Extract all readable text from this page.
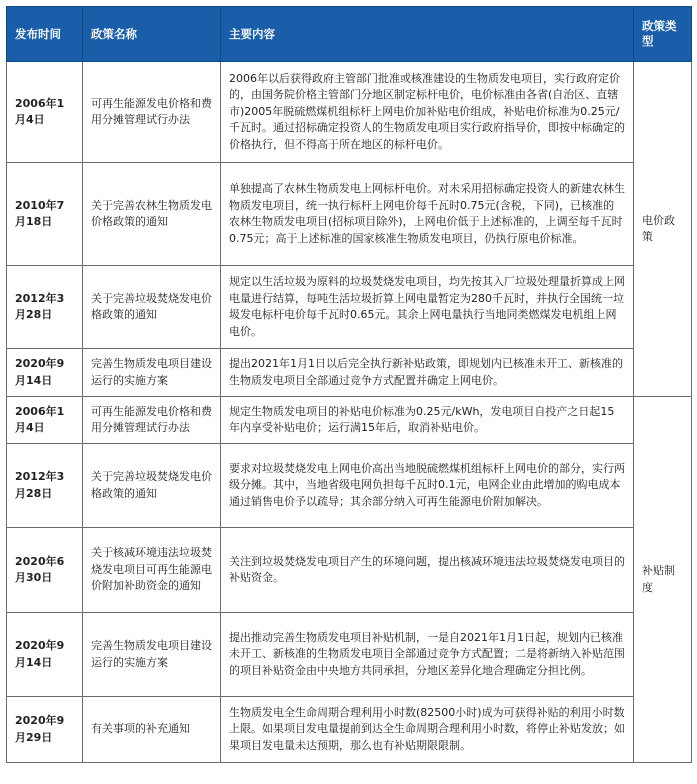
发布时间	政策名称	主要内容	政策类型
2006年1月4日	可再生能源发电价格和费用分摊管理试行办法	2006年以后获得政府主管部门批准或核准建设的生物质发电项目，实行政府定价的，由国务院价格主管部门分地区制定标杆电价，电价标准由各省(自治区、直辖市)2005年脱硫燃煤机组标杆上网电价加补贴电价组成，补贴电价标准为0.25元/千瓦时。通过招标确定投资人的生物质发电项目实行政府指导价，即按中标确定的价格执行，但不得高于所在地区的标杆电价。	电价政策
2010年7月18日	关于完善农林生物质发电价格政策的通知	单独提高了农林生物质发电上网标杆电价。对未采用招标确定投资人的新建农林生物质发电项目，统一执行标杆上网电价每千瓦时0.75元(含税，下同)，已核准的农林生物质发电项目(招标项目除外)，上网电价低于上述标准的，上调至每千瓦时0.75元；高于上述标准的国家核准生物质发电项目，仍执行原电价标准。	
2012年3月28日	关于完善垃圾焚烧发电价格政策的通知	规定以生活垃圾为原料的垃圾焚烧发电项目，均先按其入厂垃圾处理量折算成上网电量进行结算，每吨生活垃圾折算上网电量暂定为280千瓦时，并执行全国统一垃圾发电标杆电价每千瓦时0.65元。其余上网电量执行当地同类燃煤发电机组上网电价。	
2020年9月14日	完善生物质发电项目建设运行的实施方案	提出2021年1月1日以后完全执行新补贴政策，即规划内已核准未开工、新核准的生物质发电项目全部通过竞争方式配置并确定上网电价。	
2006年1月4日	可再生能源发电价格和费用分摊管理试行办法	规定生物质发电项目的补贴电价标准为0.25元/kWh，发电项目自投产之日起15年内享受补贴电价；运行满15年后，取消补贴电价。	补贴制度
2012年3月28日	关于完善垃圾焚烧发电价格政策的通知	要求对垃圾焚烧发电上网电价高出当地脱硫燃煤机组标杆上网电价的部分，实行两级分摊。其中，当地省级电网负担每千瓦时0.1元，电网企业由此增加的购电成本通过销售电价予以疏导；其余部分纳入可再生能源电价附加解决。	
2020年6月30日	关于核减环境违法垃圾焚烧发电项目可再生能源电价附加补助资金的通知	关注到垃圾焚烧发电项目产生的环境问题，提出核减环境违法垃圾焚烧发电项目的补贴资金。	
2020年9月14日	完善生物质发电项目建设运行的实施方案	提出推动完善生物质发电项目补贴机制，一是自2021年1月1日起，规划内已核准未开工、新核准的生物质发电项目全部通过竞争方式配置；二是将新纳入补贴范围的项目补贴资金由中央地方共同承担，分地区差异化地合理确定分担比例。	
2020年9月29日	有关事项的补充通知	生物质发电全生命周期合理利用小时数(82500小时)成为可获得补贴的利用小时数上限。如果项目发电量提前到达全生命周期合理利用小时数，将停止补贴发放；如果项目发电量未达预期，那么也有补贴期限限制。	
